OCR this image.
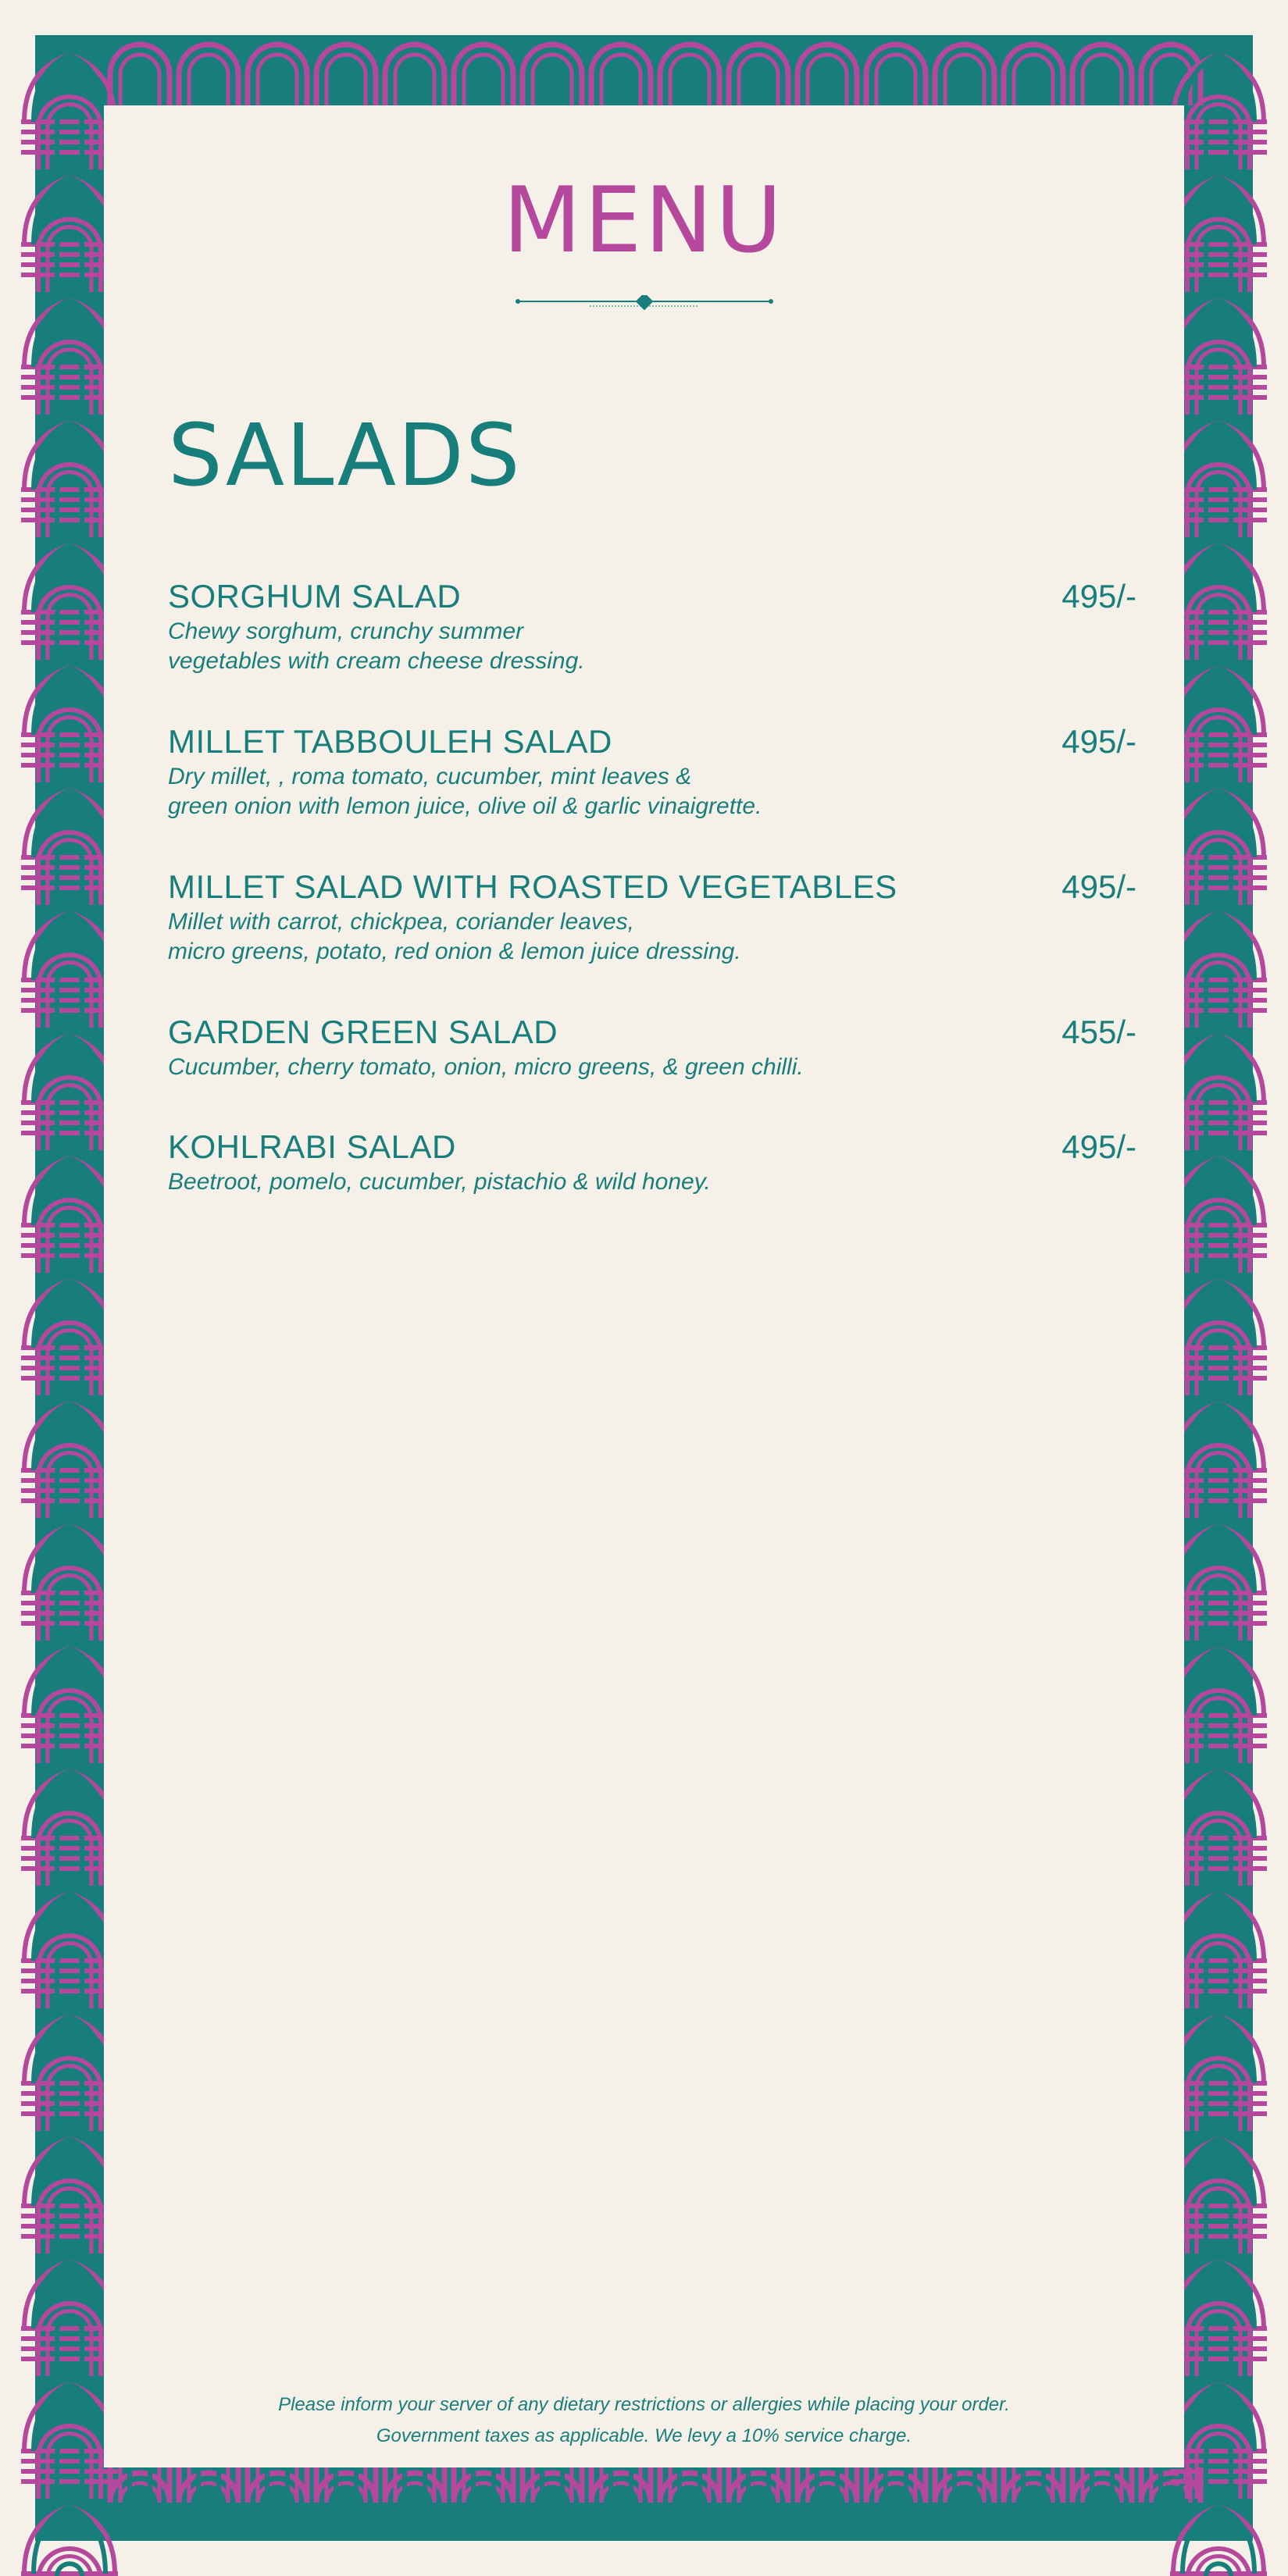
MENU
SALADS
SORGHUM SALAD	495/-
Chewy sorghum, crunchy summer
vegetables with cream cheese dressing.
MILLET TABBOULEH SALAD	495/-
Dry millet, , roma tomato, cucumber, mint leaves &
green onion with lemon juice, olive oil & garlic vinaigrette.
MILLET SALAD WITH ROASTED VEGETABLES	495/-
Millet with carrot, chickpea, coriander leaves,
micro greens, potato, red onion & lemon juice dressing.
GARDEN GREEN SALAD	455/-
Cucumber, cherry tomato, onion, micro greens, & green chilli.
KOHLRABI SALAD	495/-
Beetroot, pomelo, cucumber, pistachio & wild honey.
Please inform your server of any dietary restrictions or allergies while placing your order.
Government taxes as applicable. We levy a 10% service charge.
